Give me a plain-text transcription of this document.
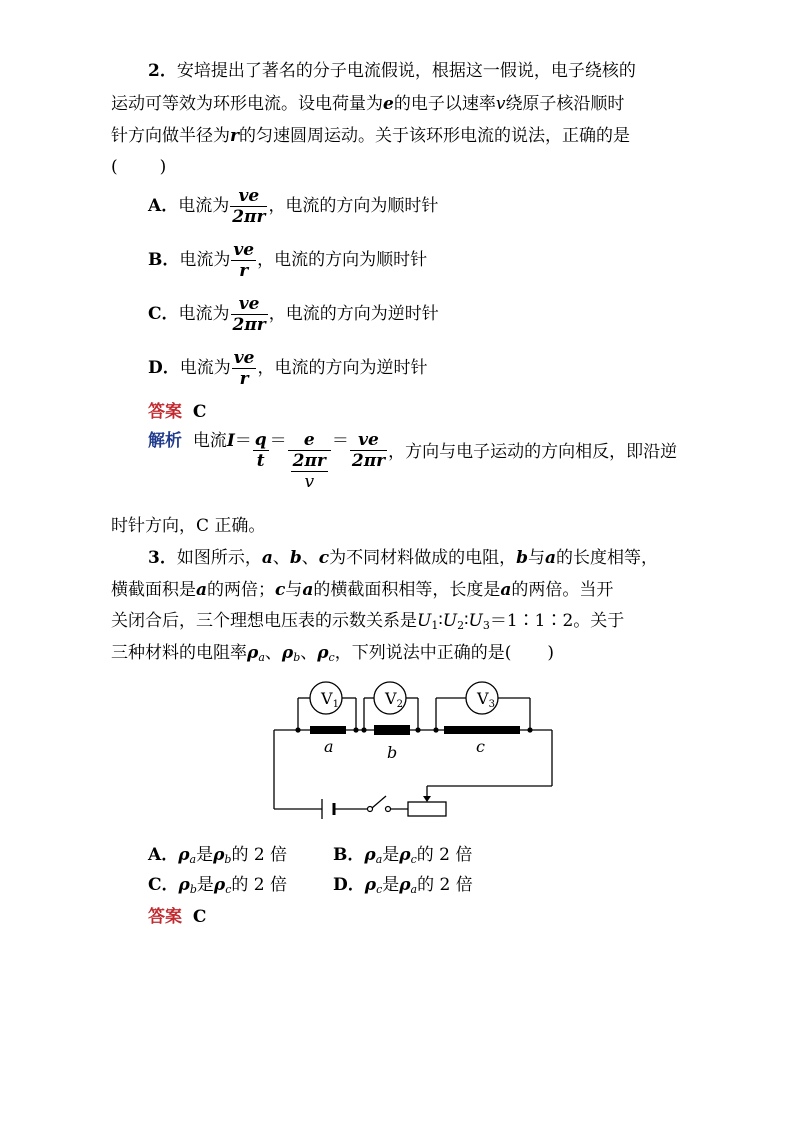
2．安培提出了著名的分子电流假说，根据这一假说，电子绕核的
运动可等效为环形电流。设电荷量为e的电子以速率v绕原子核沿顺时
针方向做半径为r的匀速圆周运动。关于该环形电流的说法，正确的是
( )
A．电流为 $\frac{ve}{2\pi r}$ ，电流的方向为顺时针
B．电流为 $\frac{ve}{r}$ ，电流的方向为顺时针
C．电流为 $\frac{ve}{2\pi r}$ ，电流的方向为逆时针
D．电流为 $\frac{ve}{r}$ ，电流的方向为逆时针
答案 C
解析 电流$I= \frac{q}{t} = \frac{e}{\frac{2\pi r}{v}} = \frac{ve}{2\pi r}$ ，方向与电子运动的方向相反，即沿逆
时针方向，C 正确。
3．如图所示，a、b、c为不同材料做成的电阻，b与a的长度相等，
横截面积是a的两倍；c与a的横截面积相等，长度是a的两倍。当开
关闭合后，三个理想电压表的示数关系是$U_1∶U_2∶U_3=1∶1∶2$。关于
三种材料的电阻率$\rho_a$、$\rho_b$、$\rho_c$，下列说法中正确的是( )
V1	V2	V3
a	b	c
A．$\rho_a$是$\rho_b$的 2 倍	B．$\rho_a$是$\rho_c$的 2 倍
C．$\rho_b$是$\rho_c$的 2 倍	D．$\rho_c$是$\rho_a$的 2 倍
答案 C
